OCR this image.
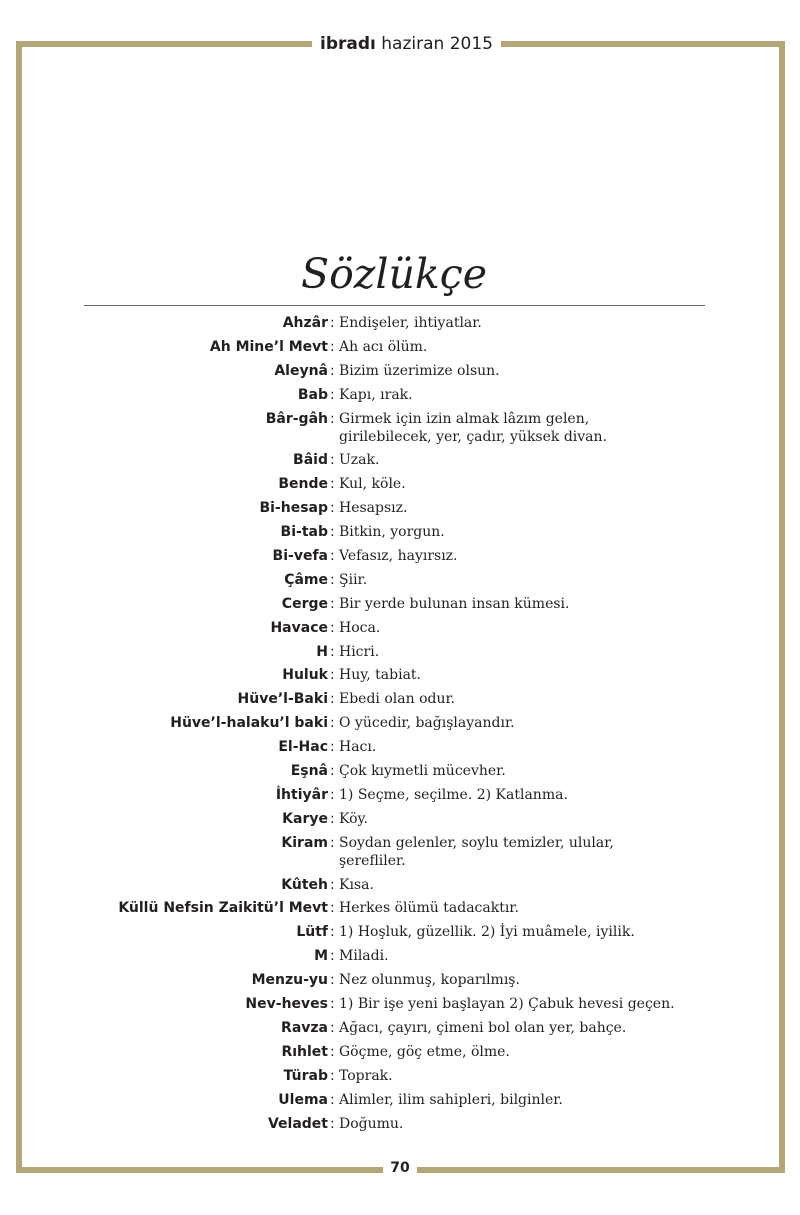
ibradı haziran 2015
Sözlükçe
Ahzâr : Endişeler, ihtiyatlar.
Ah Mine’l Mevt : Ah acı ölüm.
Aleynâ : Bizim üzerimize olsun.
Bab : Kapı, ırak.
Bâr-gâh : Girmek için izin almak lâzım gelen, girilebilecek, yer, çadır, yüksek divan.
Bâid : Uzak.
Bende : Kul, köle.
Bi-hesap : Hesapsız.
Bi-tab : Bitkin, yorgun.
Bi-vefa : Vefasız, hayırsız.
Çâme : Şiir.
Cerge : Bir yerde bulunan insan kümesi.
Havace : Hoca.
H : Hicri.
Huluk : Huy, tabiat.
Hüve’l-Baki : Ebedi olan odur.
Hüve’l-halaku’l baki : O yücedir, bağışlayandır.
El-Hac : Hacı.
Eşnâ : Çok kıymetli mücevher.
İhtiyâr : 1) Seçme, seçilme. 2) Katlanma.
Karye : Köy.
Kiram : Soydan gelenler, soylu temizler, ulular, şerefliler.
Kûteh : Kısa.
Küllü Nefsin Zaikitü’l Mevt : Herkes ölümü tadacaktır.
Lütf : 1) Hoşluk, güzellik. 2) İyi muâmele, iyilik.
M : Miladi.
Menzu-yu : Nez olunmuş, koparılmış.
Nev-heves : 1) Bir işe yeni başlayan 2) Çabuk hevesi geçen.
Ravza : Ağacı, çayırı, çimeni bol olan yer, bahçe.
Rıhlet : Göçme, göç etme, ölme.
Türab : Toprak.
Ulema : Alimler, ilim sahipleri, bilginler.
Veladet : Doğumu.
70
